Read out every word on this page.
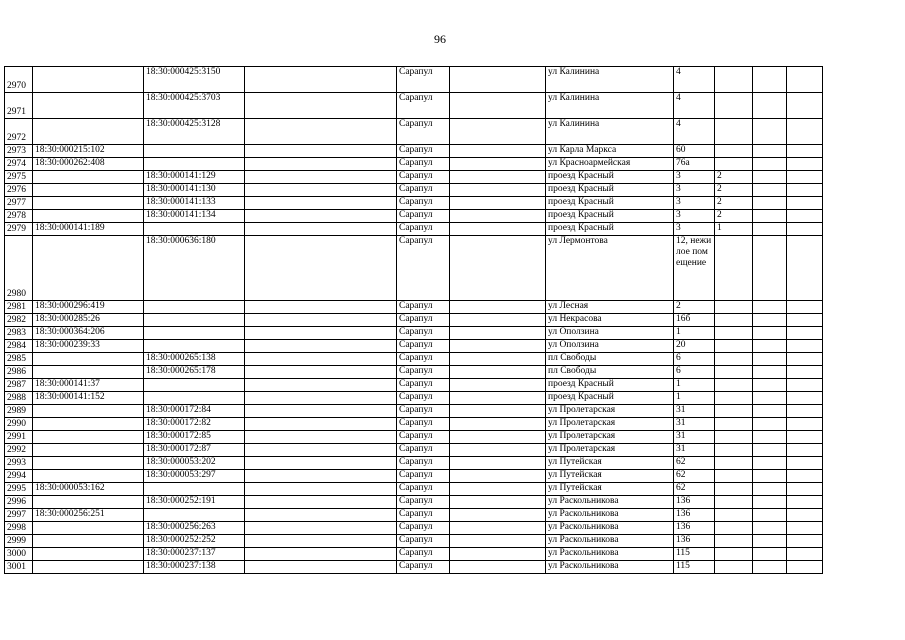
96
2970		18:30:000425:3150		Сарапул		ул Калинина	4			
2971		18:30:000425:3703		Сарапул		ул Калинина	4			
2972		18:30:000425:3128		Сарапул		ул Калинина	4			
2973	18:30:000215:102			Сарапул		ул Карла Маркса	60			
2974	18:30:000262:408			Сарапул		ул Красноармейская	76а			
2975		18:30:000141:129		Сарапул		проезд Красный	3	2		
2976		18:30:000141:130		Сарапул		проезд Красный	3	2		
2977		18:30:000141:133		Сарапул		проезд Красный	3	2		
2978		18:30:000141:134		Сарапул		проезд Красный	3	2		
2979	18:30:000141:189			Сарапул		проезд Красный	3	1		
2980		18:30:000636:180		Сарапул		ул Лермонтова	12, нежилое помещение			
2981	18:30:000296:419			Сарапул		ул Лесная	2			
2982	18:30:000285:26			Сарапул		ул Некрасова	16б			
2983	18:30:000364:206			Сарапул		ул Оползина	1			
2984	18:30:000239:33			Сарапул		ул Оползина	20			
2985		18:30:000265:138		Сарапул		пл Свободы	6			
2986		18:30:000265:178		Сарапул		пл Свободы	6			
2987	18:30:000141:37			Сарапул		проезд Красный	1			
2988	18:30:000141:152			Сарапул		проезд Красный	1			
2989		18:30:000172:84		Сарапул		ул Пролетарская	31			
2990		18:30:000172:82		Сарапул		ул Пролетарская	31			
2991		18:30:000172:85		Сарапул		ул Пролетарская	31			
2992		18:30:000172:87		Сарапул		ул Пролетарская	31			
2993		18:30:000053:202		Сарапул		ул Путейская	62			
2994		18:30:000053:297		Сарапул		ул Путейская	62			
2995	18:30:000053:162			Сарапул		ул Путейская	62			
2996		18:30:000252:191		Сарапул		ул Раскольникова	136			
2997	18:30:000256:251			Сарапул		ул Раскольникова	136			
2998		18:30:000256:263		Сарапул		ул Раскольникова	136			
2999		18:30:000252:252		Сарапул		ул Раскольникова	136			
3000		18:30:000237:137		Сарапул		ул Раскольникова	115			
3001		18:30:000237:138		Сарапул		ул Раскольникова	115			
